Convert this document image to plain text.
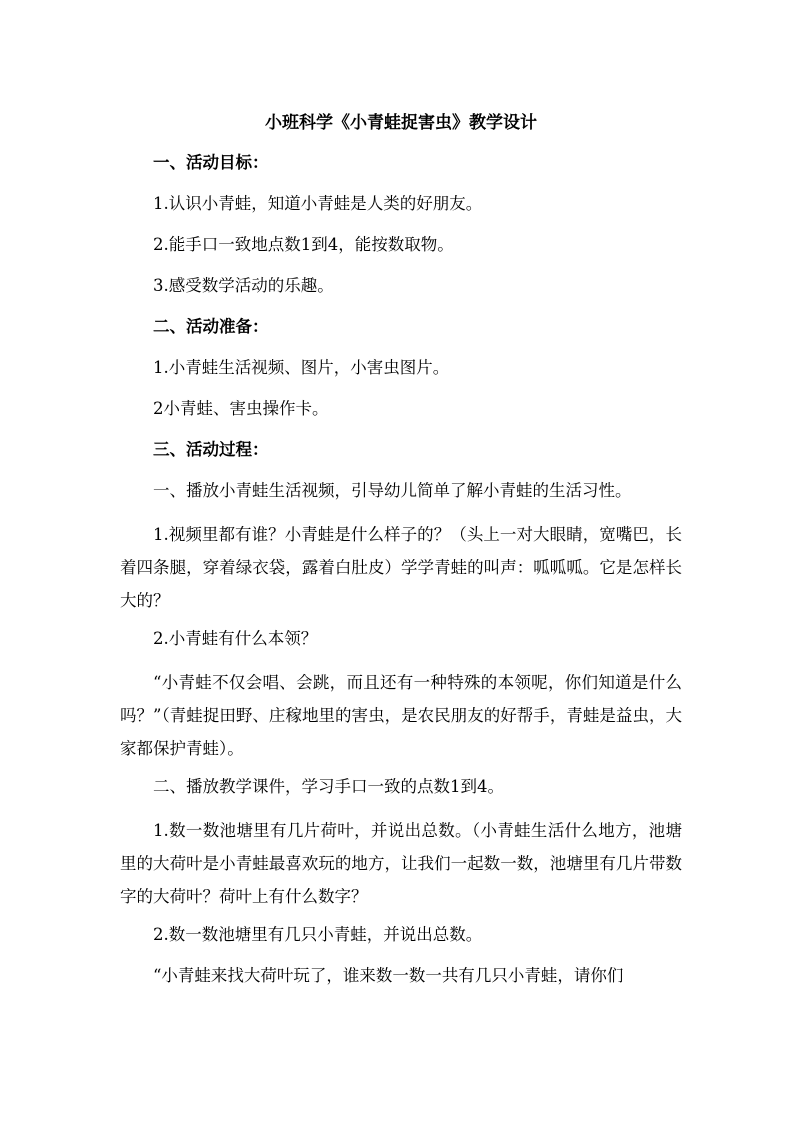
小班科学《小青蛙捉害虫》教学设计
一、活动目标：
1.认识小青蛙，知道小青蛙是人类的好朋友。
2.能手口一致地点数1到4，能按数取物。
3.感受数学活动的乐趣。
二、活动准备：
1.小青蛙生活视频、图片，小害虫图片。
2小青蛙、害虫操作卡。
三、活动过程：
一、播放小青蛙生活视频，引导幼儿简单了解小青蛙的生活习性。
1.视频里都有谁？小青蛙是什么样子的？（头上一对大眼睛，宽嘴巴，长着四条腿，穿着绿衣袋，露着白肚皮）学学青蛙的叫声：呱呱呱。它是怎样长大的？
2.小青蛙有什么本领？
“小青蛙不仅会唱、会跳，而且还有一种特殊的本领呢，你们知道是什么吗？”（青蛙捉田野、庄稼地里的害虫，是农民朋友的好帮手，青蛙是益虫，大家都保护青蛙）。
二、播放教学课件，学习手口一致的点数1到4。
1.数一数池塘里有几片荷叶，并说出总数。（小青蛙生活什么地方，池塘里的大荷叶是小青蛙最喜欢玩的地方，让我们一起数一数，池塘里有几片带数字的大荷叶？荷叶上有什么数字？
2.数一数池塘里有几只小青蛙，并说出总数。
“小青蛙来找大荷叶玩了，谁来数一数一共有几只小青蛙，请你们
